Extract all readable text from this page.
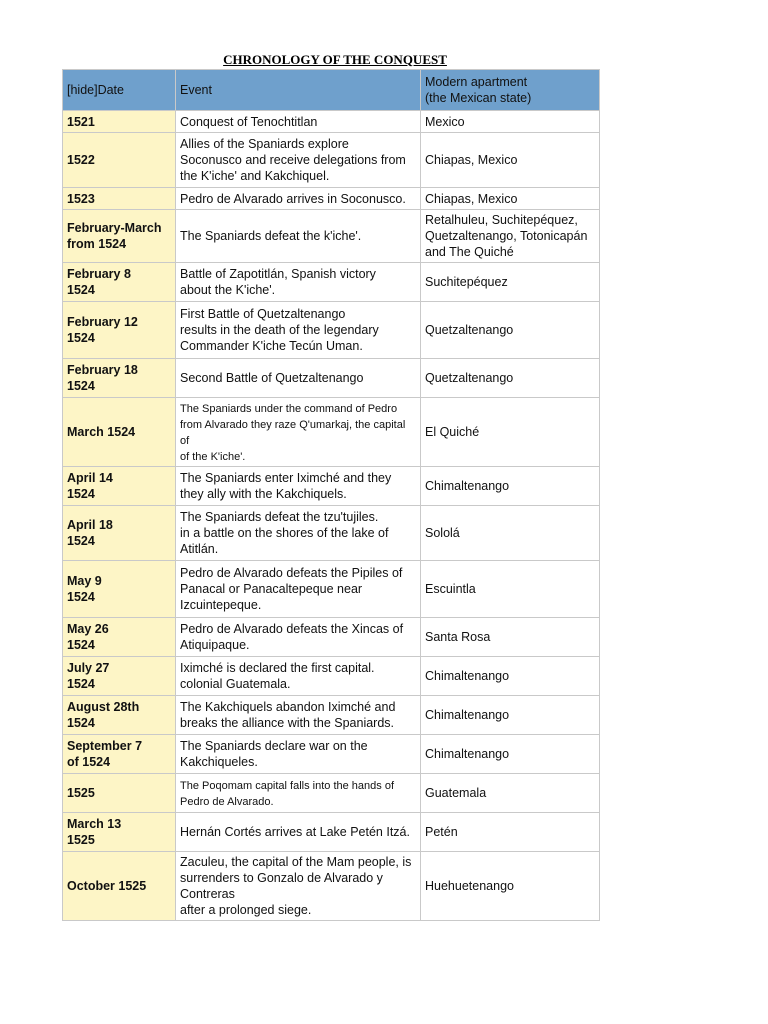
CHRONOLOGY OF THE CONQUEST
[hide]Date	Event	Modern apartment
(the Mexican state)
1521	Conquest of Tenochtitlan	Mexico
1522	Allies of the Spaniards explore
Soconusco and receive delegations from
the K'iche' and Kakchiquel.	Chiapas, Mexico
1523	Pedro de Alvarado arrives in Soconusco.	Chiapas, Mexico
February-March
from 1524	The Spaniards defeat the k'iche'.	Retalhuleu, Suchitepéquez,
Quetzaltenango, Totonicapán
and The Quiché
February 8
1524	Battle of Zapotitlán, Spanish victory
about the K'iche'.	Suchitepéquez
February 12
1524	First Battle of Quetzaltenango
results in the death of the legendary
Commander K'iche Tecún Uman.	Quetzaltenango
February 18
1524	Second Battle of Quetzaltenango	Quetzaltenango
March 1524	The Spaniards under the command of Pedro
from Alvarado they raze Q'umarkaj, the capital of
of the K'iche'.	El Quiché
April 14
1524	The Spaniards enter Iximché and they
they ally with the Kakchiquels.	Chimaltenango
April 18
1524	The Spaniards defeat the tzu'tujiles.
in a battle on the shores of the lake of
Atitlán.	Sololá
May 9
1524	Pedro de Alvarado defeats the Pipiles of
Panacal or Panacaltepeque near
Izcuintepeque.	Escuintla
May 26
1524	Pedro de Alvarado defeats the Xincas of
Atiquipaque.	Santa Rosa
July 27
1524	Iximché is declared the first capital.
colonial Guatemala.	Chimaltenango
August 28th
1524	The Kakchiquels abandon Iximché and
breaks the alliance with the Spaniards.	Chimaltenango
September 7
of 1524	The Spaniards declare war on the
Kakchiqueles.	Chimaltenango
1525	The Poqomam capital falls into the hands of
Pedro de Alvarado.	Guatemala
March 13
1525	Hernán Cortés arrives at Lake Petén Itzá.	Petén
October 1525	Zaculeu, the capital of the Mam people, is
surrenders to Gonzalo de Alvarado y Contreras
after a prolonged siege.	Huehuetenango
